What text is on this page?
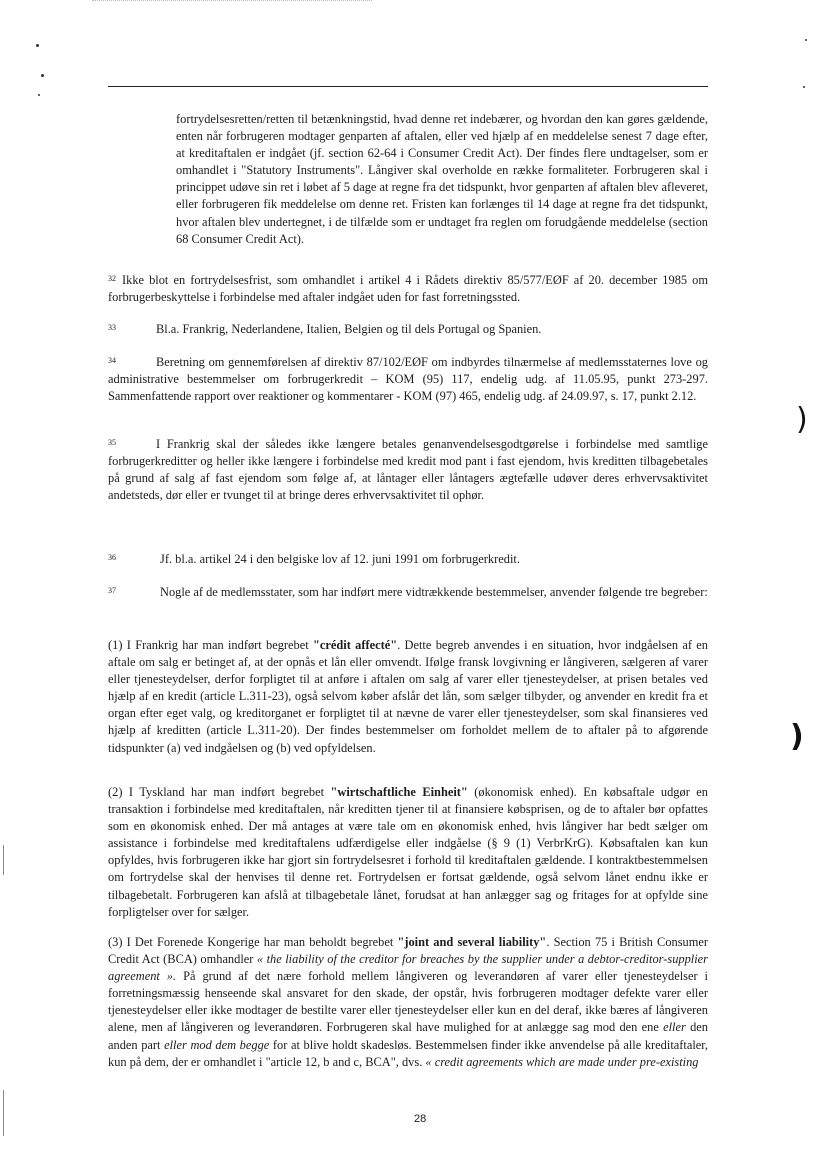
fortrydelsesretten/retten til betænkningstid, hvad denne ret indebærer, og hvordan den kan gøres gældende, enten når forbrugeren modtager genparten af aftalen, eller ved hjælp af en meddelelse senest 7 dage efter, at kreditaftalen er indgået (jf. section 62-64 i Consumer Credit Act). Der findes flere undtagelser, som er omhandlet i "Statutory Instruments". Långiver skal overholde en række formaliteter. Forbrugeren skal i princippet udøve sin ret i løbet af 5 dage at regne fra det tidspunkt, hvor genparten af aftalen blev afleveret, eller forbrugeren fik meddelelse om denne ret. Fristen kan forlænges til 14 dage at regne fra det tidspunkt, hvor aftalen blev undertegnet, i de tilfælde som er undtaget fra reglen om forudgående meddelelse (section 68 Consumer Credit Act).
$^{32}$ Ikke blot en fortrydelsesfrist, som omhandlet i artikel 4 i Rådets direktiv 85/577/EØF af 20. december 1985 om forbrugerbeskyttelse i forbindelse med aftaler indgået uden for fast forretningssted.
$^{33}$	Bl.a. Frankrig, Nederlandene, Italien, Belgien og til dels Portugal og Spanien.
$^{34}$	Beretning om gennemførelsen af direktiv 87/102/EØF om indbyrdes tilnærmelse af medlemsstaternes love og administrative bestemmelser om forbrugerkredit – KOM (95) 117, endelig udg. af 11.05.95, punkt 273-297. Sammenfattende rapport over reaktioner og kommentarer - KOM (97) 465, endelig udg. af 24.09.97, s. 17, punkt 2.12.
$^{35}$	I Frankrig skal der således ikke længere betales genanvendelsesgodtgørelse i forbindelse med samtlige forbrugerkreditter og heller ikke længere i forbindelse med kredit mod pant i fast ejendom, hvis kreditten tilbagebetales på grund af salg af fast ejendom som følge af, at låntager eller låntagers ægtefælle udøver deres erhvervsaktivitet andetsteds, dør eller er tvunget til at bringe deres erhvervsaktivitet til ophør.
$^{36}$	Jf. bl.a. artikel 24 i den belgiske lov af 12. juni 1991 om forbrugerkredit.
$^{37}$	Nogle af de medlemsstater, som har indført mere vidtrækkende bestemmelser, anvender følgende tre begreber:
(1) I Frankrig har man indført begrebet "crédit affecté". Dette begreb anvendes i en situation, hvor indgåelsen af en aftale om salg er betinget af, at der opnås et lån eller omvendt. Ifølge fransk lovgivning er långiveren, sælgeren af varer eller tjenesteydelser, derfor forpligtet til at anføre i aftalen om salg af varer eller tjenesteydelser, at prisen betales ved hjælp af en kredit (article L.311-23), også selvom køber afslår det lån, som sælger tilbyder, og anvender en kredit fra et organ efter eget valg, og kreditorganet er forpligtet til at nævne de varer eller tjenesteydelser, som skal finansieres ved hjælp af kreditten (article L.311-20). Der findes bestemmelser om forholdet mellem de to aftaler på to afgørende tidspunkter (a) ved indgåelsen og (b) ved opfyldelsen.
(2) I Tyskland har man indført begrebet "wirtschaftliche Einheit" (økonomisk enhed). En købsaftale udgør en transaktion i forbindelse med kreditaftalen, når kreditten tjener til at finansiere købsprisen, og de to aftaler bør opfattes som en økonomisk enhed. Der må antages at være tale om en økonomisk enhed, hvis långiver har bedt sælger om assistance i forbindelse med kreditaftalens udfærdigelse eller indgåelse (§ 9 (1) VerbrKrG). Købsaftalen kan kun opfyldes, hvis forbrugeren ikke har gjort sin fortrydelsesret i forhold til kreditaftalen gældende. I kontraktbestemmelsen om fortrydelse skal der henvises til denne ret. Fortrydelsen er fortsat gældende, også selvom lånet endnu ikke er tilbagebetalt. Forbrugeren kan afslå at tilbagebetale lånet, forudsat at han anlægger sag og fritages for at opfylde sine forpligtelser over for sælger.
(3) I Det Forenede Kongerige har man beholdt begrebet "joint and several liability". Section 75 i British Consumer Credit Act (BCA) omhandler « the liability of the creditor for breaches by the supplier under a debtor-creditor-supplier agreement ». På grund af det nære forhold mellem långiveren og leverandøren af varer eller tjenesteydelser i forretningsmæssig henseende skal ansvaret for den skade, der opstår, hvis forbrugeren modtager defekte varer eller tjenesteydelser eller ikke modtager de bestilte varer eller tjenesteydelser eller kun en del deraf, ikke bæres af långiveren alene, men af långiveren og leverandøren. Forbrugeren skal have mulighed for at anlægge sag mod den ene eller den anden part eller mod dem begge for at blive holdt skadesløs. Bestemmelsen finder ikke anvendelse på alle kreditaftaler, kun på dem, der er omhandlet i "article 12, b and c, BCA", dvs. « credit agreements which are made under pre-existing
28
)
)
